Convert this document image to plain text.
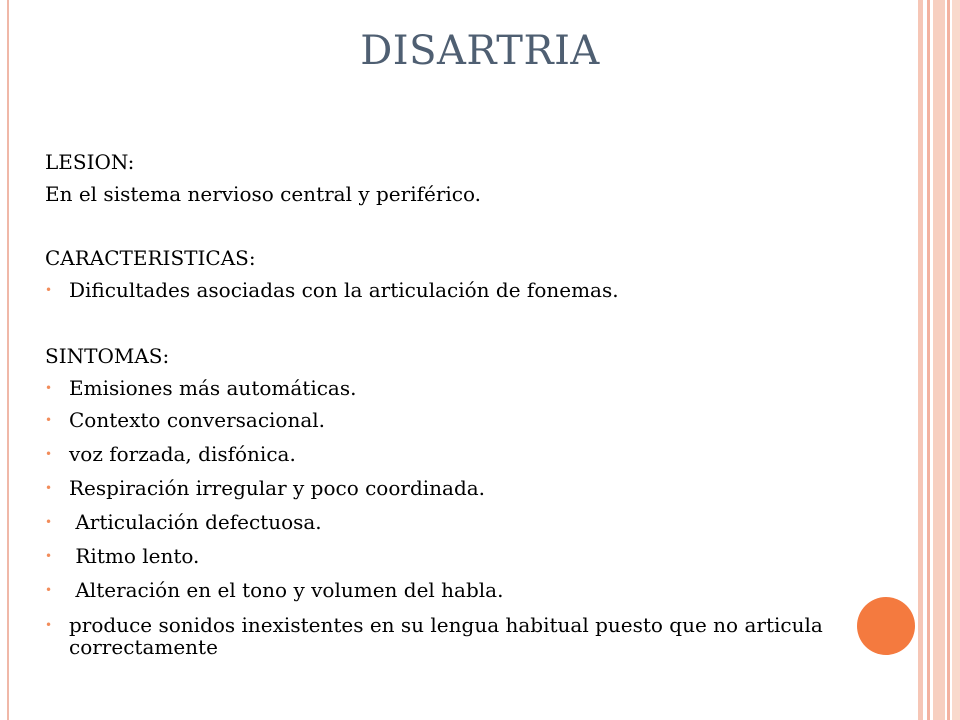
DISARTRIA
LESION:
En el sistema nervioso central y periférico.
CARACTERISTICAS:
• Dificultades asociadas con la articulación de fonemas.
SINTOMAS:
• Emisiones más automáticas.
• Contexto conversacional.
• voz forzada, disfónica.
• Respiración irregular y poco coordinada.
• Articulación defectuosa.
• Ritmo lento.
• Alteración en el tono y volumen del habla.
• produce sonidos inexistentes en su lengua habitual puesto que no articula correctamente
